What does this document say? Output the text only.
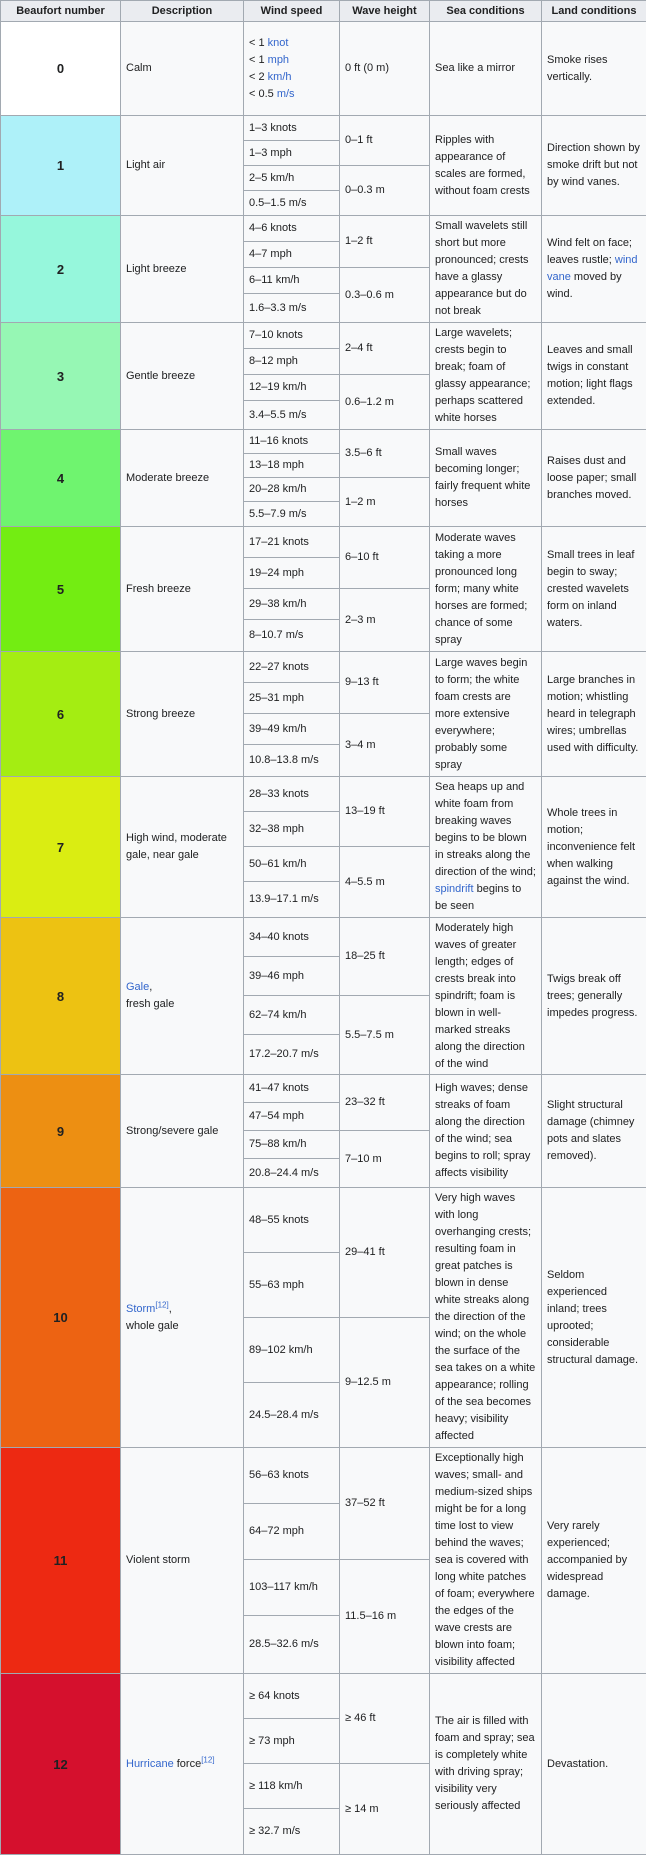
Beaufort number	Description	Wind speed	Wave height	Sea conditions	Land conditions
0	Calm	< 1 knot
< 1 mph
< 2 km/h
< 0.5 m/s	0 ft (0 m)	Sea like a mirror	Smoke rises vertically.
1	Light air	1–3 knots	0–1 ft	Ripples with appearance of scales are formed, without foam crests	Direction shown by smoke drift but not by wind vanes.
		1–3 mph			
		2–5 km/h	0–0.3 m		
		0.5–1.5 m/s			
2	Light breeze	4–6 knots	1–2 ft	Small wavelets still short but more pronounced; crests have a glassy appearance but do not break	Wind felt on face; leaves rustle; wind vane moved by wind.
		4–7 mph			
		6–11 km/h	0.3–0.6 m		
		1.6–3.3 m/s			
3	Gentle breeze	7–10 knots	2–4 ft	Large wavelets; crests begin to break; foam of glassy appearance; perhaps scattered white horses	Leaves and small twigs in constant motion; light flags extended.
		8–12 mph			
		12–19 km/h	0.6–1.2 m		
		3.4–5.5 m/s			
4	Moderate breeze	11–16 knots	3.5–6 ft	Small waves becoming longer; fairly frequent white horses	Raises dust and loose paper; small branches moved.
		13–18 mph			
		20–28 km/h	1–2 m		
		5.5–7.9 m/s			
5	Fresh breeze	17–21 knots	6–10 ft	Moderate waves taking a more pronounced long form; many white horses are formed; chance of some spray	Small trees in leaf begin to sway; crested wavelets form on inland waters.
		19–24 mph			
		29–38 km/h	2–3 m		
		8–10.7 m/s			
6	Strong breeze	22–27 knots	9–13 ft	Large waves begin to form; the white foam crests are more extensive everywhere; probably some spray	Large branches in motion; whistling heard in telegraph wires; umbrellas used with difficulty.
		25–31 mph			
		39–49 km/h	3–4 m		
		10.8–13.8 m/s			
7	High wind, moderate gale, near gale	28–33 knots	13–19 ft	Sea heaps up and white foam from breaking waves begins to be blown in streaks along the direction of the wind; spindrift begins to be seen	Whole trees in motion; inconvenience felt when walking against the wind.
		32–38 mph			
		50–61 km/h	4–5.5 m		
		13.9–17.1 m/s			
8	Gale,
fresh gale	34–40 knots	18–25 ft	Moderately high waves of greater length; edges of crests break into spindrift; foam is blown in well-marked streaks along the direction of the wind	Twigs break off trees; generally impedes progress.
		39–46 mph			
		62–74 km/h	5.5–7.5 m		
		17.2–20.7 m/s			
9	Strong/severe gale	41–47 knots	23–32 ft	High waves; dense streaks of foam along the direction of the wind; sea begins to roll; spray affects visibility	Slight structural damage (chimney pots and slates removed).
		47–54 mph			
		75–88 km/h	7–10 m		
		20.8–24.4 m/s			
10	Storm[12],
whole gale	48–55 knots	29–41 ft	Very high waves with long overhanging crests; resulting foam in great patches is blown in dense white streaks along the direction of the wind; on the whole the surface of the sea takes on a white appearance; rolling of the sea becomes heavy; visibility affected	Seldom experienced inland; trees uprooted; considerable structural damage.
		55–63 mph			
		89–102 km/h	9–12.5 m		
		24.5–28.4 m/s			
11	Violent storm	56–63 knots	37–52 ft	Exceptionally high waves; small- and medium-sized ships might be for a long time lost to view behind the waves; sea is covered with long white patches of foam; everywhere the edges of the wave crests are blown into foam; visibility affected	Very rarely experienced; accompanied by widespread damage.
		64–72 mph			
		103–117 km/h	11.5–16 m		
		28.5–32.6 m/s			
12	Hurricane force[12]	≥ 64 knots	≥ 46 ft	The air is filled with foam and spray; sea is completely white with driving spray; visibility very seriously affected	Devastation.
		≥ 73 mph			
		≥ 118 km/h	≥ 14 m		
		≥ 32.7 m/s			
